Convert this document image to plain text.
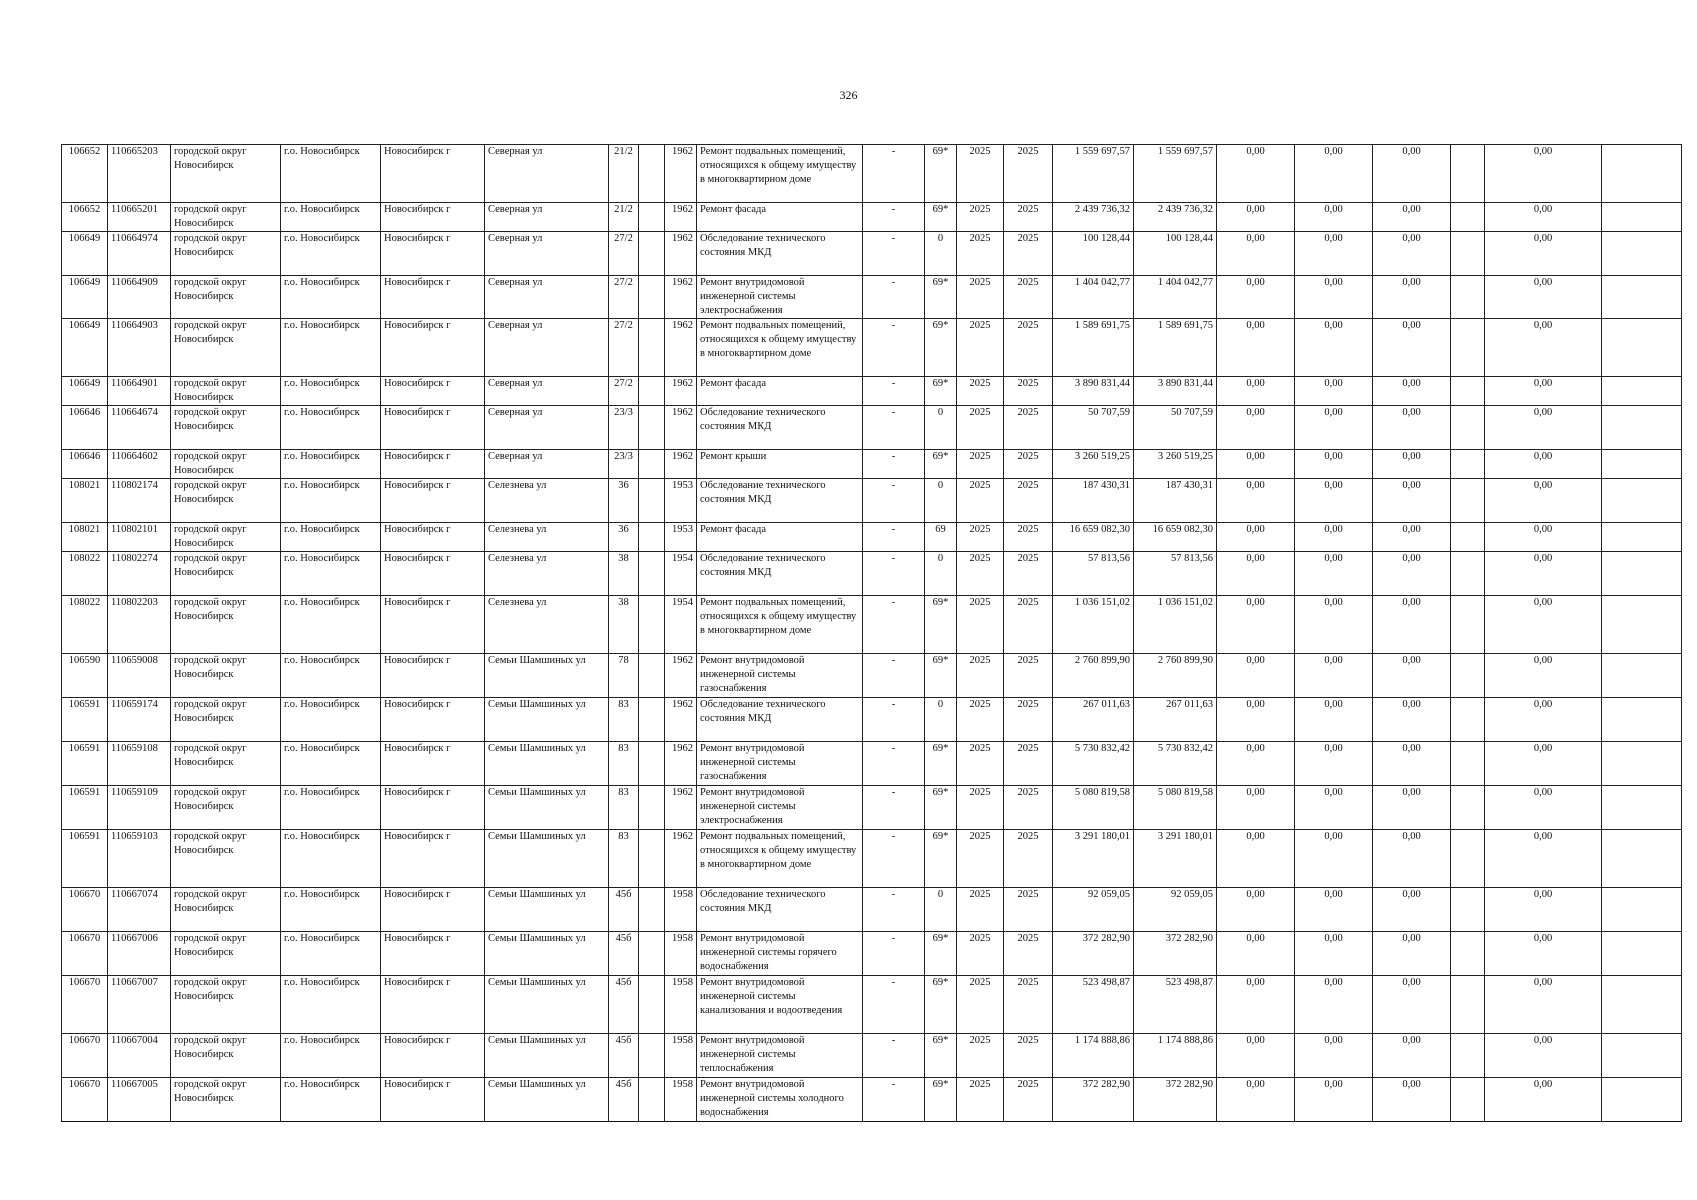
326
106652	110665203	городской округ Новосибирск	г.о. Новосибирск	Новосибирск г	Северная ул	21/2		1962	Ремонт подвальных помещений, относящихся к общему имуществу в многоквартирном доме	-	69*	2025	2025	1 559 697,57	1 559 697,57	0,00	0,00	0,00		0,00	
106652	110665201	городской округ Новосибирск	г.о. Новосибирск	Новосибирск г	Северная ул	21/2		1962	Ремонт фасада	-	69*	2025	2025	2 439 736,32	2 439 736,32	0,00	0,00	0,00		0,00	
106649	110664974	городской округ Новосибирск	г.о. Новосибирск	Новосибирск г	Северная ул	27/2		1962	Обследование технического состояния МКД	-	0	2025	2025	100 128,44	100 128,44	0,00	0,00	0,00		0,00	
106649	110664909	городской округ Новосибирск	г.о. Новосибирск	Новосибирск г	Северная ул	27/2		1962	Ремонт внутридомовой инженерной системы электроснабжения	-	69*	2025	2025	1 404 042,77	1 404 042,77	0,00	0,00	0,00		0,00	
106649	110664903	городской округ Новосибирск	г.о. Новосибирск	Новосибирск г	Северная ул	27/2		1962	Ремонт подвальных помещений, относящихся к общему имуществу в многоквартирном доме	-	69*	2025	2025	1 589 691,75	1 589 691,75	0,00	0,00	0,00		0,00	
106649	110664901	городской округ Новосибирск	г.о. Новосибирск	Новосибирск г	Северная ул	27/2		1962	Ремонт фасада	-	69*	2025	2025	3 890 831,44	3 890 831,44	0,00	0,00	0,00		0,00	
106646	110664674	городской округ Новосибирск	г.о. Новосибирск	Новосибирск г	Северная ул	23/3		1962	Обследование технического состояния МКД	-	0	2025	2025	50 707,59	50 707,59	0,00	0,00	0,00		0,00	
106646	110664602	городской округ Новосибирск	г.о. Новосибирск	Новосибирск г	Северная ул	23/3		1962	Ремонт крыши	-	69*	2025	2025	3 260 519,25	3 260 519,25	0,00	0,00	0,00		0,00	
108021	110802174	городской округ Новосибирск	г.о. Новосибирск	Новосибирск г	Селезнева ул	36		1953	Обследование технического состояния МКД	-	0	2025	2025	187 430,31	187 430,31	0,00	0,00	0,00		0,00	
108021	110802101	городской округ Новосибирск	г.о. Новосибирск	Новосибирск г	Селезнева ул	36		1953	Ремонт фасада	-	69	2025	2025	16 659 082,30	16 659 082,30	0,00	0,00	0,00		0,00	
108022	110802274	городской округ Новосибирск	г.о. Новосибирск	Новосибирск г	Селезнева ул	38		1954	Обследование технического состояния МКД	-	0	2025	2025	57 813,56	57 813,56	0,00	0,00	0,00		0,00	
108022	110802203	городской округ Новосибирск	г.о. Новосибирск	Новосибирск г	Селезнева ул	38		1954	Ремонт подвальных помещений, относящихся к общему имуществу в многоквартирном доме	-	69*	2025	2025	1 036 151,02	1 036 151,02	0,00	0,00	0,00		0,00	
106590	110659008	городской округ Новосибирск	г.о. Новосибирск	Новосибирск г	Семьи Шамшиных ул	78		1962	Ремонт внутридомовой инженерной системы газоснабжения	-	69*	2025	2025	2 760 899,90	2 760 899,90	0,00	0,00	0,00		0,00	
106591	110659174	городской округ Новосибирск	г.о. Новосибирск	Новосибирск г	Семьи Шамшиных ул	83		1962	Обследование технического состояния МКД	-	0	2025	2025	267 011,63	267 011,63	0,00	0,00	0,00		0,00	
106591	110659108	городской округ Новосибирск	г.о. Новосибирск	Новосибирск г	Семьи Шамшиных ул	83		1962	Ремонт внутридомовой инженерной системы газоснабжения	-	69*	2025	2025	5 730 832,42	5 730 832,42	0,00	0,00	0,00		0,00	
106591	110659109	городской округ Новосибирск	г.о. Новосибирск	Новосибирск г	Семьи Шамшиных ул	83		1962	Ремонт внутридомовой инженерной системы электроснабжения	-	69*	2025	2025	5 080 819,58	5 080 819,58	0,00	0,00	0,00		0,00	
106591	110659103	городской округ Новосибирск	г.о. Новосибирск	Новосибирск г	Семьи Шамшиных ул	83		1962	Ремонт подвальных помещений, относящихся к общему имуществу в многоквартирном доме	-	69*	2025	2025	3 291 180,01	3 291 180,01	0,00	0,00	0,00		0,00	
106670	110667074	городской округ Новосибирск	г.о. Новосибирск	Новосибирск г	Семьи Шамшиных ул	45б		1958	Обследование технического состояния МКД	-	0	2025	2025	92 059,05	92 059,05	0,00	0,00	0,00		0,00	
106670	110667006	городской округ Новосибирск	г.о. Новосибирск	Новосибирск г	Семьи Шамшиных ул	45б		1958	Ремонт внутридомовой инженерной системы горячего водоснабжения	-	69*	2025	2025	372 282,90	372 282,90	0,00	0,00	0,00		0,00	
106670	110667007	городской округ Новосибирск	г.о. Новосибирск	Новосибирск г	Семьи Шамшиных ул	45б		1958	Ремонт внутридомовой инженерной системы канализования и водоотведения	-	69*	2025	2025	523 498,87	523 498,87	0,00	0,00	0,00		0,00	
106670	110667004	городской округ Новосибирск	г.о. Новосибирск	Новосибирск г	Семьи Шамшиных ул	45б		1958	Ремонт внутридомовой инженерной системы теплоснабжения	-	69*	2025	2025	1 174 888,86	1 174 888,86	0,00	0,00	0,00		0,00	
106670	110667005	городской округ Новосибирск	г.о. Новосибирск	Новосибирск г	Семьи Шамшиных ул	45б		1958	Ремонт внутридомовой инженерной системы холодного водоснабжения	-	69*	2025	2025	372 282,90	372 282,90	0,00	0,00	0,00		0,00	
